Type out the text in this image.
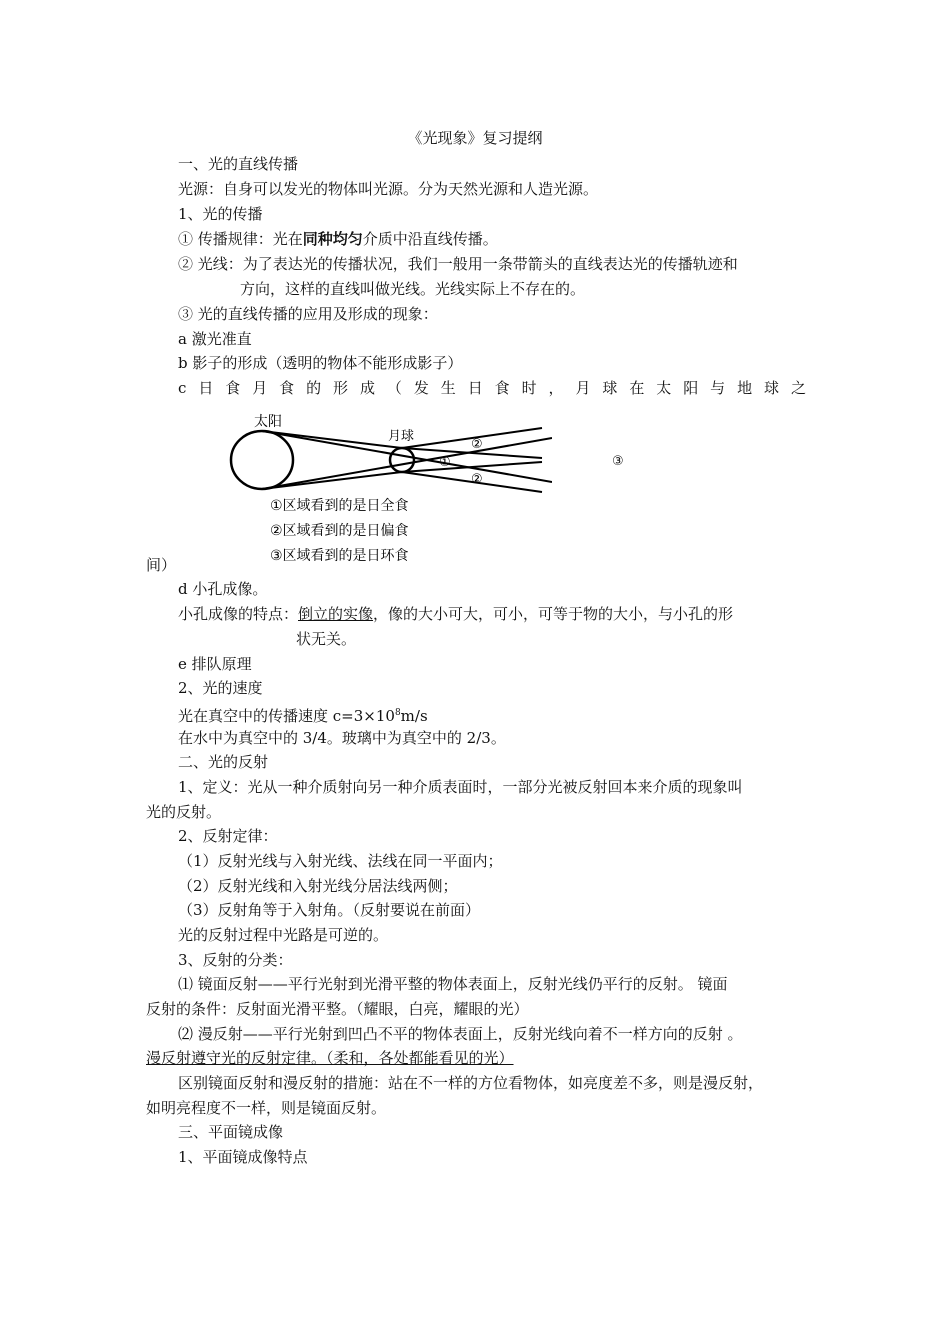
《光现象》复习提纲
一、光的直线传播
光源：自身可以发光的物体叫光源。分为天然光源和人造光源。
1、光的传播
① 传播规律：光在同种均匀介质中沿直线传播。
② 光线：为了表达光的传播状况，我们一般用一条带箭头的直线表达光的传播轨迹和
方向，这样的直线叫做光线。光线实际上不存在的。
③ 光的直线传播的应用及形成的现象：
a 激光准直
b 影子的形成（透明的物体不能形成影子）
c 日 食 月 食 的 形 成 （ 发 生 日 食 时 ， 月 球 在 太 阳 与 地 球 之
太阳
月球
②
①
②
①区域看到的是日全食
②区域看到的是日偏食
③区域看到的是日环食
③
间）
d 小孔成像。
小孔成像的特点：倒立的实像，像的大小可大，可小，可等于物的大小，与小孔的形
状无关。
e 排队原理
2、光的速度
光在真空中的传播速度 $c=3\times 10^8m/s$
在水中为真空中的 3/4。玻璃中为真空中的 2/3。
二、光的反射
1、定义：光从一种介质射向另一种介质表面时，一部分光被反射回本来介质的现象叫
光的反射。
2、反射定律：
（1）反射光线与入射光线、法线在同一平面内；
（2）反射光线和入射光线分居法线两侧；
（3）反射角等于入射角。（反射要说在前面）
光的反射过程中光路是可逆的。
3、反射的分类：
⑴ 镜面反射——平行光射到光滑平整的物体表面上，反射光线仍平行的反射。 镜面
反射的条件：反射面光滑平整。（耀眼，白亮，耀眼的光）
⑵ 漫反射——平行光射到凹凸不平的物体表面上，反射光线向着不一样方向的反射 。
漫反射遵守光的反射定律。（柔和，各处都能看见的光）
区别镜面反射和漫反射的措施：站在不一样的方位看物体，如亮度差不多，则是漫反射，
如明亮程度不一样，则是镜面反射。
三、平面镜成像
1、平面镜成像特点
